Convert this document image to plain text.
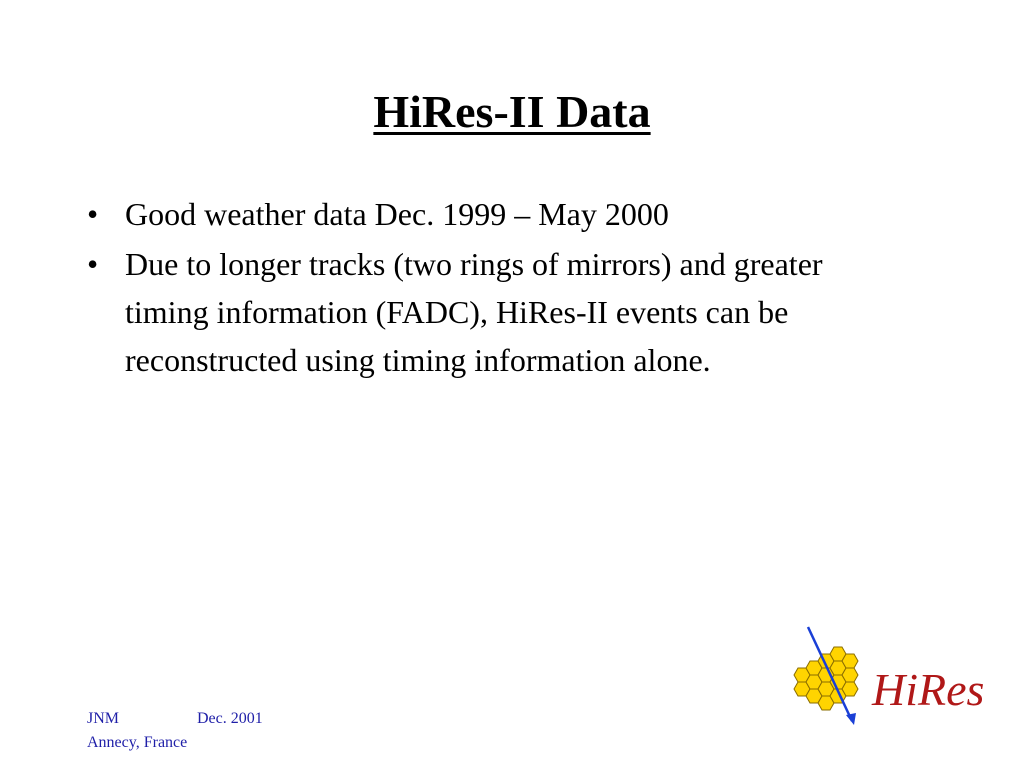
HiRes-II Data
• Good weather data Dec. 1999 – May 2000
• Due to longer tracks (two rings of mirrors) and greater timing information (FADC), HiRes-II events can be reconstructed using timing information alone.
JNM	Dec. 2001
Annecy, France
HiRes
